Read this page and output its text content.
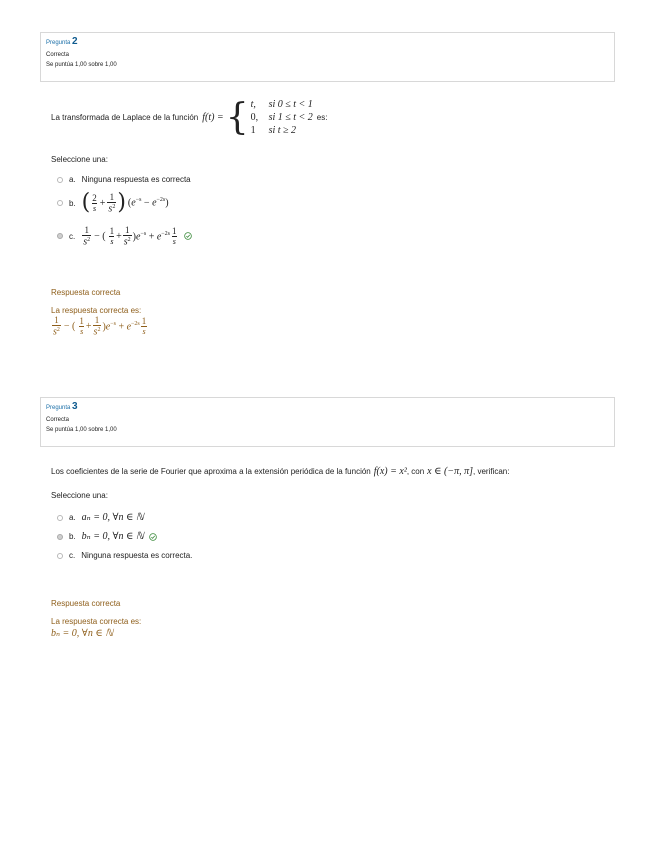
Pregunta 2
Correcta
Se puntúa 1,00 sobre 1,00
La transformada de Laplace de la función f(t) = { t,	si 0 ≤ t < 1
0,	si 1 ≤ t < 2
1	si t ≥ 2
es:
Seleccione una:
a. Ninguna respuesta es correcta
b. ( $\frac{2}{s} + \frac{1}{s^2}$ ) $(e^{-s} - e^{-2s})$
c. $\frac{1}{s^2}$ − ( $\frac{1}{s} + \frac{1}{s^2} )e^{-s} + e^{-2s} \frac{1}{s}$
Respuesta correcta
La respuesta correcta es:
$\frac{1}{s^2}$ − ( $\frac{1}{s} + \frac{1}{s^2} )e^{-s} + e^{-2s} \frac{1}{s}$
Pregunta 3
Correcta
Se puntúa 1,00 sobre 1,00
Los coeficientes de la serie de Fourier que aproxima a la extensión periódica de la función f(x) = x² , con x ∈ (−π, π] , verifican:
Seleccione una:
a. aₙ = 0, ∀n ∈ ℕ
b. bₙ = 0, ∀n ∈ ℕ
c. Ninguna respuesta es correcta.
Respuesta correcta
La respuesta correcta es:
bₙ = 0, ∀n ∈ ℕ
